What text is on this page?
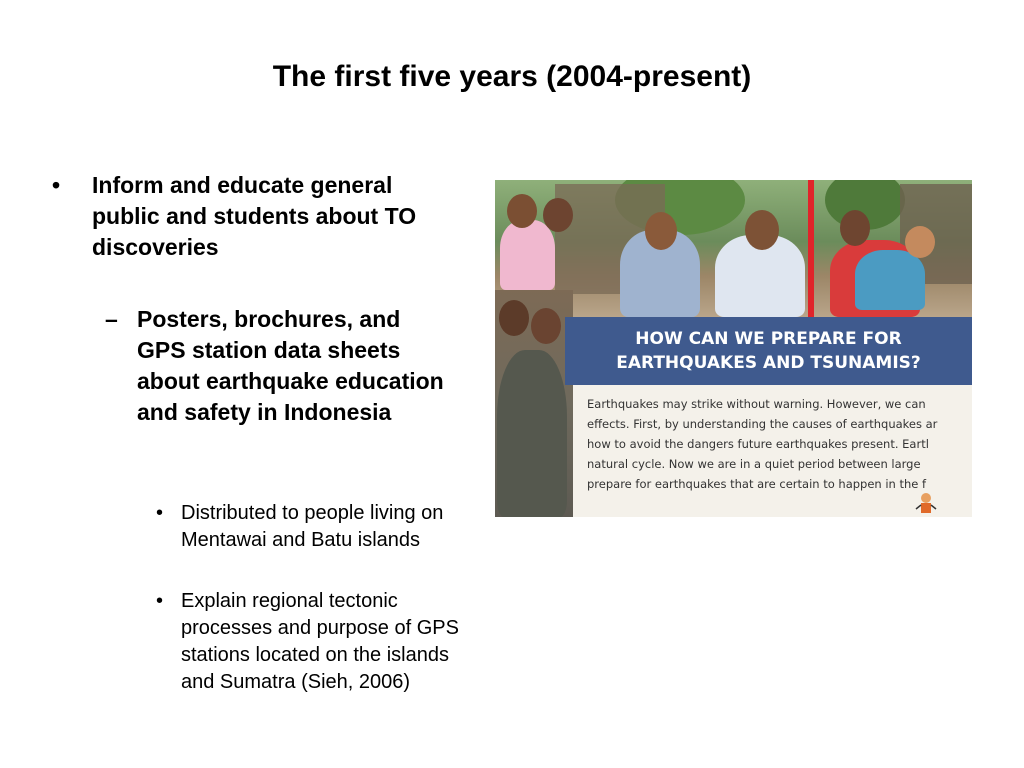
The first five years (2004-present)
•	Inform and educate general public and students about TO discoveries
– Posters, brochures, and GPS station data sheets about earthquake education and safety in Indonesia
• Distributed to people living on Mentawai and Batu islands
• Explain regional tectonic processes and purpose of GPS stations located on the islands and Sumatra (Sieh, 2006)
HOW CAN WE PREPARE FOR
EARTHQUAKES AND TSUNAMIS?
Earthquakes may strike without warning. However, we can
effects. First, by understanding the causes of earthquakes ar
how to avoid the dangers future earthquakes present. Eartl
natural cycle. Now we are in a quiet period between large
prepare for earthquakes that are certain to happen in the f
